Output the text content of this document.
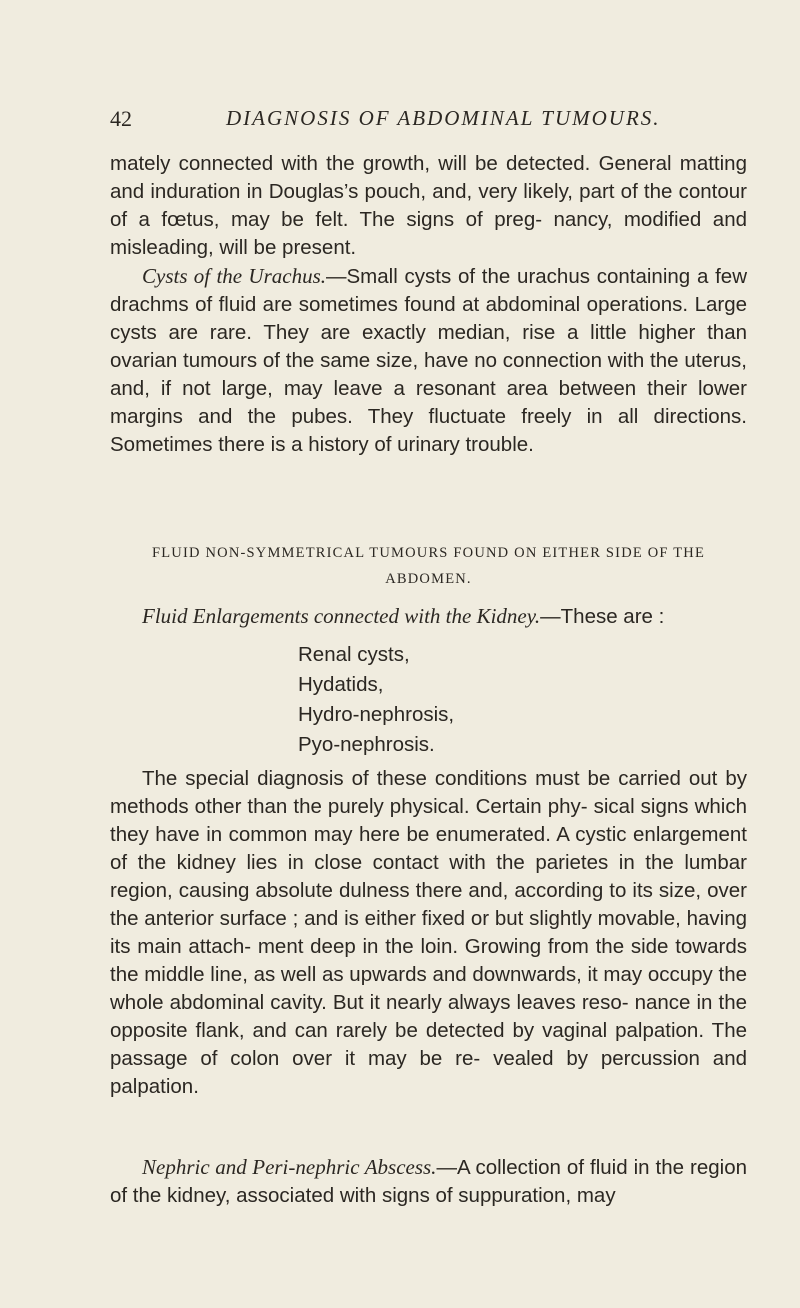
42	DIAGNOSIS OF ABDOMINAL TUMOURS.

mately connected with the growth, will be detected. General matting and induration in Douglas’s pouch, and, very likely, part of the contour of a fœtus, may be felt. The signs of preg- nancy, modified and misleading, will be present.

Cysts of the Urachus.—Small cysts of the urachus containing a few drachms of fluid are sometimes found at abdominal operations. Large cysts are rare. They are exactly median, rise a little higher than ovarian tumours of the same size, have no connection with the uterus, and, if not large, may leave a resonant area between their lower margins and the pubes. They fluctuate freely in all directions. Sometimes there is a history of urinary trouble.

FLUID NON-SYMMETRICAL TUMOURS FOUND ON EITHER SIDE OF THE ABDOMEN.

Fluid Enlargements connected with the Kidney.—These are :

Renal cysts,
Hydatids,
Hydro-nephrosis,
Pyo-nephrosis.

The special diagnosis of these conditions must be carried out by methods other than the purely physical. Certain phy- sical signs which they have in common may here be enumerated. A cystic enlargement of the kidney lies in close contact with the parietes in the lumbar region, causing absolute dulness there and, according to its size, over the anterior surface ; and is either fixed or but slightly movable, having its main attach- ment deep in the loin. Growing from the side towards the middle line, as well as upwards and downwards, it may occupy the whole abdominal cavity. But it nearly always leaves reso- nance in the opposite flank, and can rarely be detected by vaginal palpation. The passage of colon over it may be re- vealed by percussion and palpation.

Nephric and Peri-nephric Abscess.—A collection of fluid in the region of the kidney, associated with signs of suppuration, may
